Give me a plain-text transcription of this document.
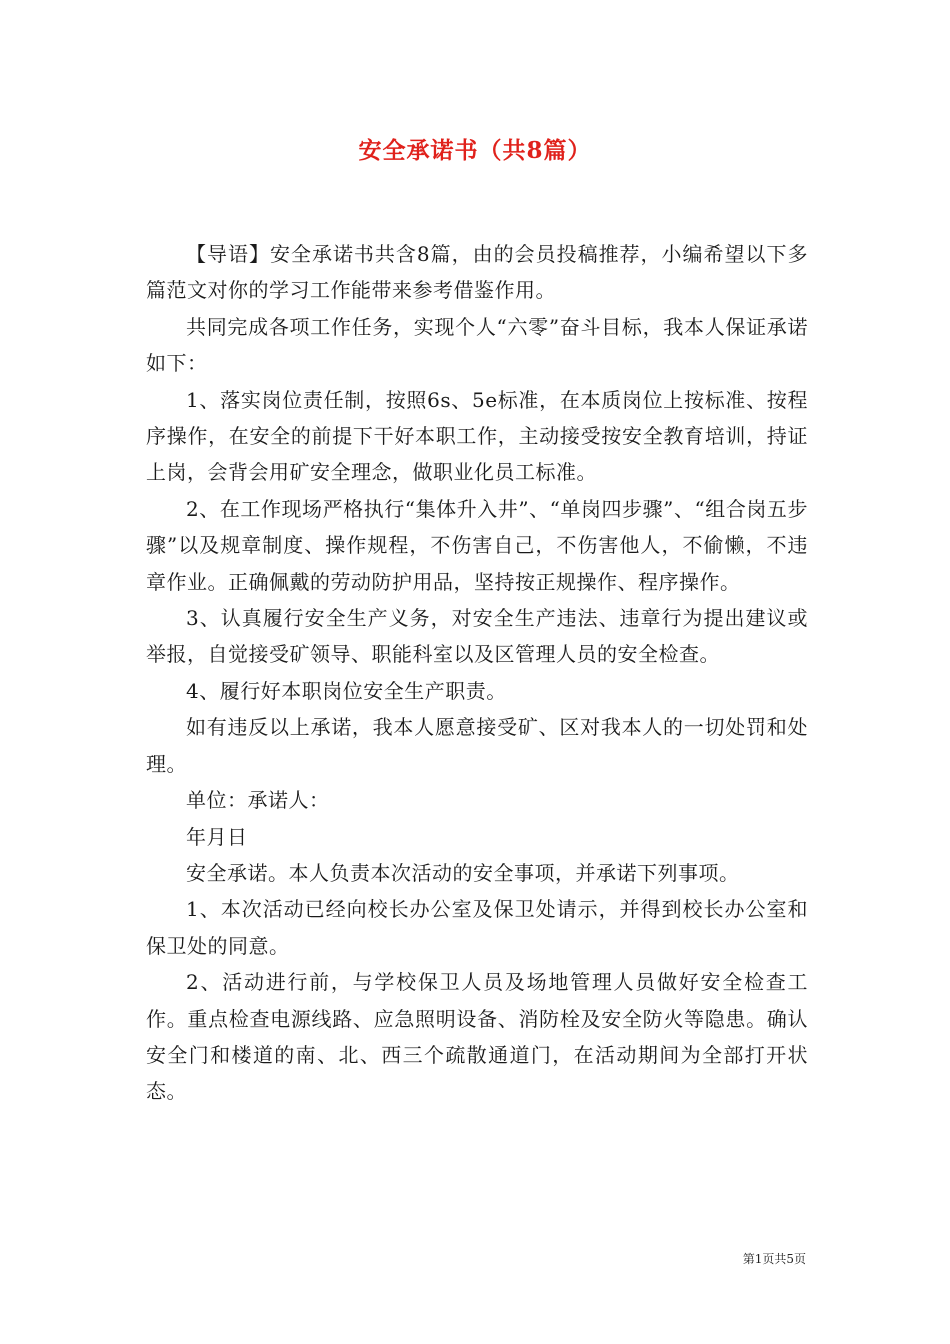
安全承诺书（共8篇）

【导语】安全承诺书共含8篇，由的会员投稿推荐，小编希望以下多篇范文对你的学习工作能带来参考借鉴作用。

共同完成各项工作任务，实现个人“六零”奋斗目标，我本人保证承诺如下：

1、落实岗位责任制，按照6s、5e标准，在本质岗位上按标准、按程序操作，在安全的前提下干好本职工作，主动接受按安全教育培训，持证上岗，会背会用矿安全理念，做职业化员工标准。

2、在工作现场严格执行“集体升入井”、“单岗四步骤”、“组合岗五步骤”以及规章制度、操作规程，不伤害自己，不伤害他人，不偷懒，不违章作业。正确佩戴的劳动防护用品，坚持按正规操作、程序操作。

3、认真履行安全生产义务，对安全生产违法、违章行为提出建议或举报，自觉接受矿领导、职能科室以及区管理人员的安全检查。

4、履行好本职岗位安全生产职责。

如有违反以上承诺，我本人愿意接受矿、区对我本人的一切处罚和处理。

单位：承诺人：

年月日

安全承诺。本人负责本次活动的安全事项，并承诺下列事项。

1、本次活动已经向校长办公室及保卫处请示，并得到校长办公室和保卫处的同意。

2、活动进行前，与学校保卫人员及场地管理人员做好安全检查工作。重点检查电源线路、应急照明设备、消防栓及安全防火等隐患。确认安全门和楼道的南、北、西三个疏散通道门，在活动期间为全部打开状态。

第1页共5页
